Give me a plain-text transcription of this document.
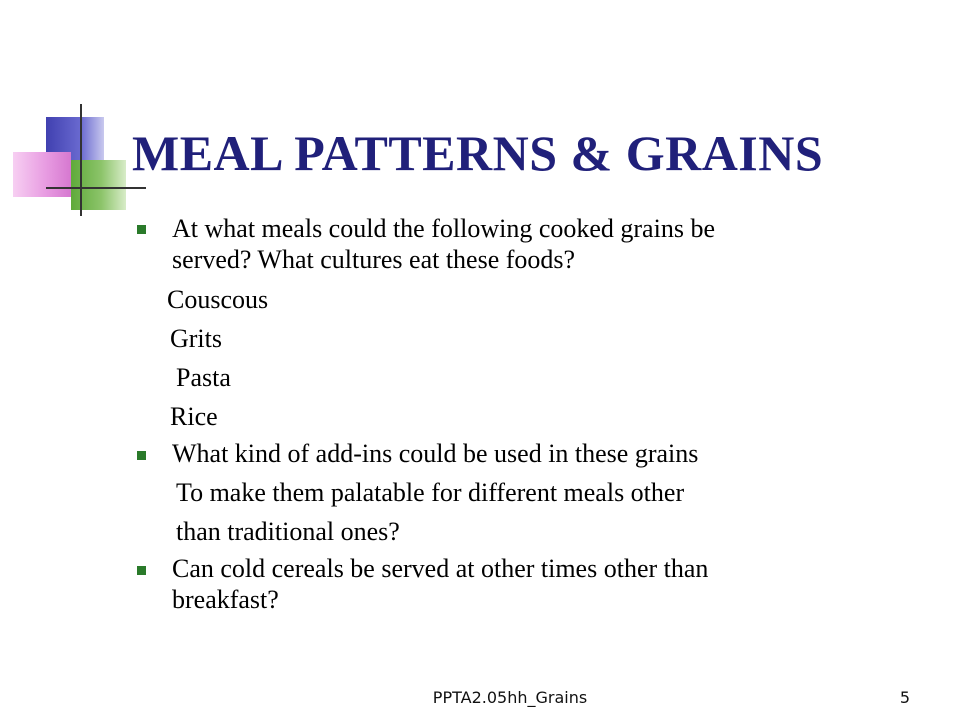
MEAL PATTERNS & GRAINS
At what meals could the following cooked grains be
served? What cultures eat these foods?
Couscous
Grits
Pasta
Rice
What kind of add-ins could be used in these grains
To make them palatable for different meals other
than traditional ones?
Can cold cereals be served at other times other than
breakfast?
PPTA2.05hh_Grains	5
